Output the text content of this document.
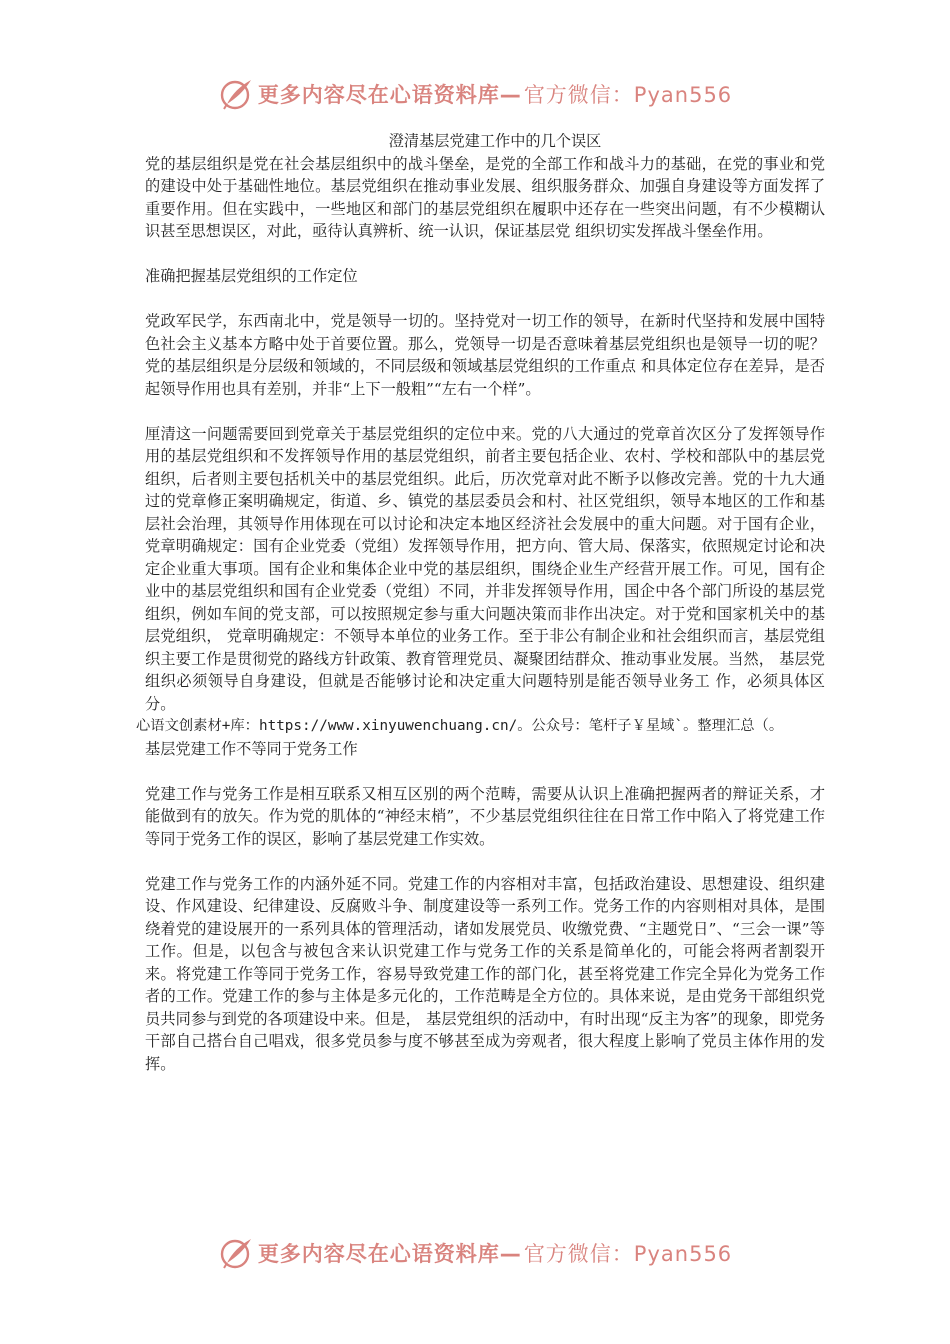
更多内容尽在心语资料库— 官方微信：Pyan556

澄清基层党建工作中的几个误区

党的基层组织是党在社会基层组织中的战斗堡垒，是党的全部工作和战斗力的基础，在党的事业和党的建设中处于基础性地位。基层党组织在推动事业发展、组织服务群众、加强自身建设等方面发挥了重要作用。但在实践中，一些地区和部门的基层党组织在履职中还存在一些突出问题，有不少模糊认识甚至思想误区，对此，亟待认真辨析、统一认识，保证基层党 组织切实发挥战斗堡垒作用。

准确把握基层党组织的工作定位

党政军民学，东西南北中，党是领导一切的。坚持党对一切工作的领导，在新时代坚持和发展中国特色社会主义基本方略中处于首要位置。那么，党领导一切是否意味着基层党组织也是领导一切的呢？党的基层组织是分层级和领域的，不同层级和领域基层党组织的工作重点 和具体定位存在差异，是否起领导作用也具有差别，并非“上下一般粗”“左右一个样”。

厘清这一问题需要回到党章关于基层党组织的定位中来。党的八大通过的党章首次区分了发挥领导作用的基层党组织和不发挥领导作用的基层党组织，前者主要包括企业、农村、学校和部队中的基层党组织，后者则主要包括机关中的基层党组织。此后，历次党章对此不断予以修改完善。党的十九大通过的党章修正案明确规定，街道、乡、镇党的基层委员会和村、社区党组织，领导本地区的工作和基层社会治理，其领导作用体现在可以讨论和决定本地区经济社会发展中的重大问题。对于国有企业，党章明确规定：国有企业党委（党组）发挥领导作用，把方向、管大局、保落实，依照规定讨论和决定企业重大事项。国有企业和集体企业中党的基层组织，围绕企业生产经营开展工作。可见，国有企业中的基层党组织和国有企业党委（党组）不同，并非发挥领导作用，国企中各个部门所设的基层党组织，例如车间的党支部，可以按照规定参与重大问题决策而非作出决定。对于党和国家机关中的基层党组织， 党章明确规定：不领导本单位的业务工作。至于非公有制企业和社会组织而言，基层党组织主要工作是贯彻党的路线方针政策、教育管理党员、凝聚团结群众、推动事业发展。当然， 基层党组织必须领导自身建设，但就是否能够讨论和决定重大问题特别是能否领导业务工 作，必须具体区分。

心语文创素材+库：https://www.xinyuwenchuang.cn/。公众号：笔杆子￥星域`。整理汇总（。

基层党建工作不等同于党务工作

党建工作与党务工作是相互联系又相互区别的两个范畴，需要从认识上准确把握两者的辩证关系，才能做到有的放矢。作为党的肌体的“神经末梢”，不少基层党组织往往在日常工作中陷入了将党建工作等同于党务工作的误区，影响了基层党建工作实效。

党建工作与党务工作的内涵外延不同。党建工作的内容相对丰富，包括政治建设、思想建设、组织建设、作风建设、纪律建设、反腐败斗争、制度建设等一系列工作。党务工作的内容则相对具体，是围绕着党的建设展开的一系列具体的管理活动，诸如发展党员、收缴党费、“主题党日”、“三会一课”等工作。但是，以包含与被包含来认识党建工作与党务工作的关系是简单化的，可能会将两者割裂开来。将党建工作等同于党务工作，容易导致党建工作的部门化，甚至将党建工作完全异化为党务工作者的工作。党建工作的参与主体是多元化的，工作范畴是全方位的。具体来说，是由党务干部组织党员共同参与到党的各项建设中来。但是， 基层党组织的活动中，有时出现“反主为客”的现象，即党务干部自己搭台自己唱戏，很多党员参与度不够甚至成为旁观者，很大程度上影响了党员主体作用的发挥。

更多内容尽在心语资料库— 官方微信：Pyan556
